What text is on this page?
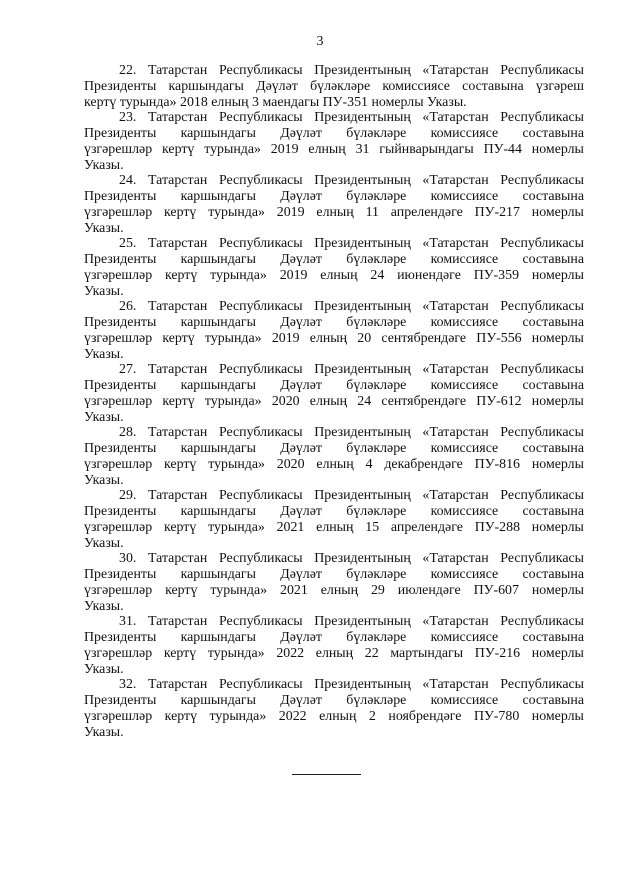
3
22. Татарстан Республикасы Президентының «Татарстан Республикасы
Президенты каршындагы Дәүләт бүләкләре комиссиясе составына үзгәреш
кертү турында» 2018 елның 3 маендагы ПУ-351 номерлы Указы.
23. Татарстан Республикасы Президентының «Татарстан Республикасы
Президенты каршындагы Дәүләт бүләкләре комиссиясе составына
үзгәрешләр кертү турында» 2019 елның 31 гыйнварындагы ПУ-44 номерлы
Указы.
24. Татарстан Республикасы Президентының «Татарстан Республикасы
Президенты каршындагы Дәүләт бүләкләре комиссиясе составына
үзгәрешләр кертү турында» 2019 елның 11 апрелендәге ПУ-217 номерлы
Указы.
25. Татарстан Республикасы Президентының «Татарстан Республикасы
Президенты каршындагы Дәүләт бүләкләре комиссиясе составына
үзгәрешләр кертү турында» 2019 елның 24 июнендәге ПУ-359 номерлы
Указы.
26. Татарстан Республикасы Президентының «Татарстан Республикасы
Президенты каршындагы Дәүләт бүләкләре комиссиясе составына
үзгәрешләр кертү турында» 2019 елның 20 сентябрендәге ПУ-556 номерлы
Указы.
27. Татарстан Республикасы Президентының «Татарстан Республикасы
Президенты каршындагы Дәүләт бүләкләре комиссиясе составына
үзгәрешләр кертү турында» 2020 елның 24 сентябрендәге ПУ-612 номерлы
Указы.
28. Татарстан Республикасы Президентының «Татарстан Республикасы
Президенты каршындагы Дәүләт бүләкләре комиссиясе составына
үзгәрешләр кертү турында» 2020 елның 4 декабрендәге ПУ-816 номерлы
Указы.
29. Татарстан Республикасы Президентының «Татарстан Республикасы
Президенты каршындагы Дәүләт бүләкләре комиссиясе составына
үзгәрешләр кертү турында» 2021 елның 15 апрелендәге ПУ-288 номерлы
Указы.
30. Татарстан Республикасы Президентының «Татарстан Республикасы
Президенты каршындагы Дәүләт бүләкләре комиссиясе составына
үзгәрешләр кертү турында» 2021 елның 29 июлендәге ПУ-607 номерлы
Указы.
31. Татарстан Республикасы Президентының «Татарстан Республикасы
Президенты каршындагы Дәүләт бүләкләре комиссиясе составына
үзгәрешләр кертү турында» 2022 елның 22 мартындагы ПУ-216 номерлы
Указы.
32. Татарстан Республикасы Президентының «Татарстан Республикасы
Президенты каршындагы Дәүләт бүләкләре комиссиясе составына
үзгәрешләр кертү турында» 2022 елның 2 ноябрендәге ПУ-780 номерлы
Указы.
